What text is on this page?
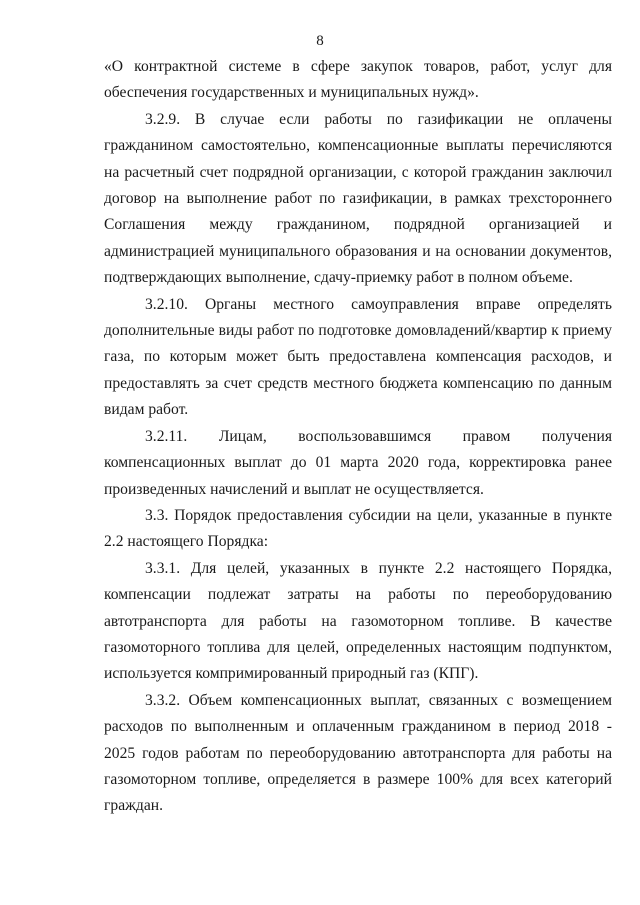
8

«О контрактной системе в сфере закупок товаров, работ, услуг для обеспечения государственных и муниципальных нужд».

3.2.9. В случае если работы по газификации не оплачены гражданином самостоятельно, компенсационные выплаты перечисляются на расчетный счет подрядной организации, с которой гражданин заключил договор на выполнение работ по газификации, в рамках трехстороннего Соглашения между гражданином, подрядной организацией и администрацией муниципального образования и на основании документов, подтверждающих выполнение, сдачу-приемку работ в полном объеме.

3.2.10. Органы местного самоуправления вправе определять дополнительные виды работ по подготовке домовладений/квартир к приему газа, по которым может быть предоставлена компенсация расходов, и предоставлять за счет средств местного бюджета компенсацию по данным видам работ.

3.2.11. Лицам, воспользовавшимся правом получения компенсационных выплат до 01 марта 2020 года, корректировка ранее произведенных начислений и выплат не осуществляется.

3.3. Порядок предоставления субсидии на цели, указанные в пункте 2.2 настоящего Порядка:

3.3.1. Для целей, указанных в пункте 2.2 настоящего Порядка, компенсации подлежат затраты на работы по переоборудованию автотранспорта для работы на газомоторном топливе. В качестве газомоторного топлива для целей, определенных настоящим подпунктом, используется компримированный природный газ (КПГ).

3.3.2. Объем компенсационных выплат, связанных с возмещением расходов по выполненным и оплаченным гражданином в период 2018 - 2025 годов работам по переоборудованию автотранспорта для работы на газомоторном топливе, определяется в размере 100% для всех категорий граждан.
